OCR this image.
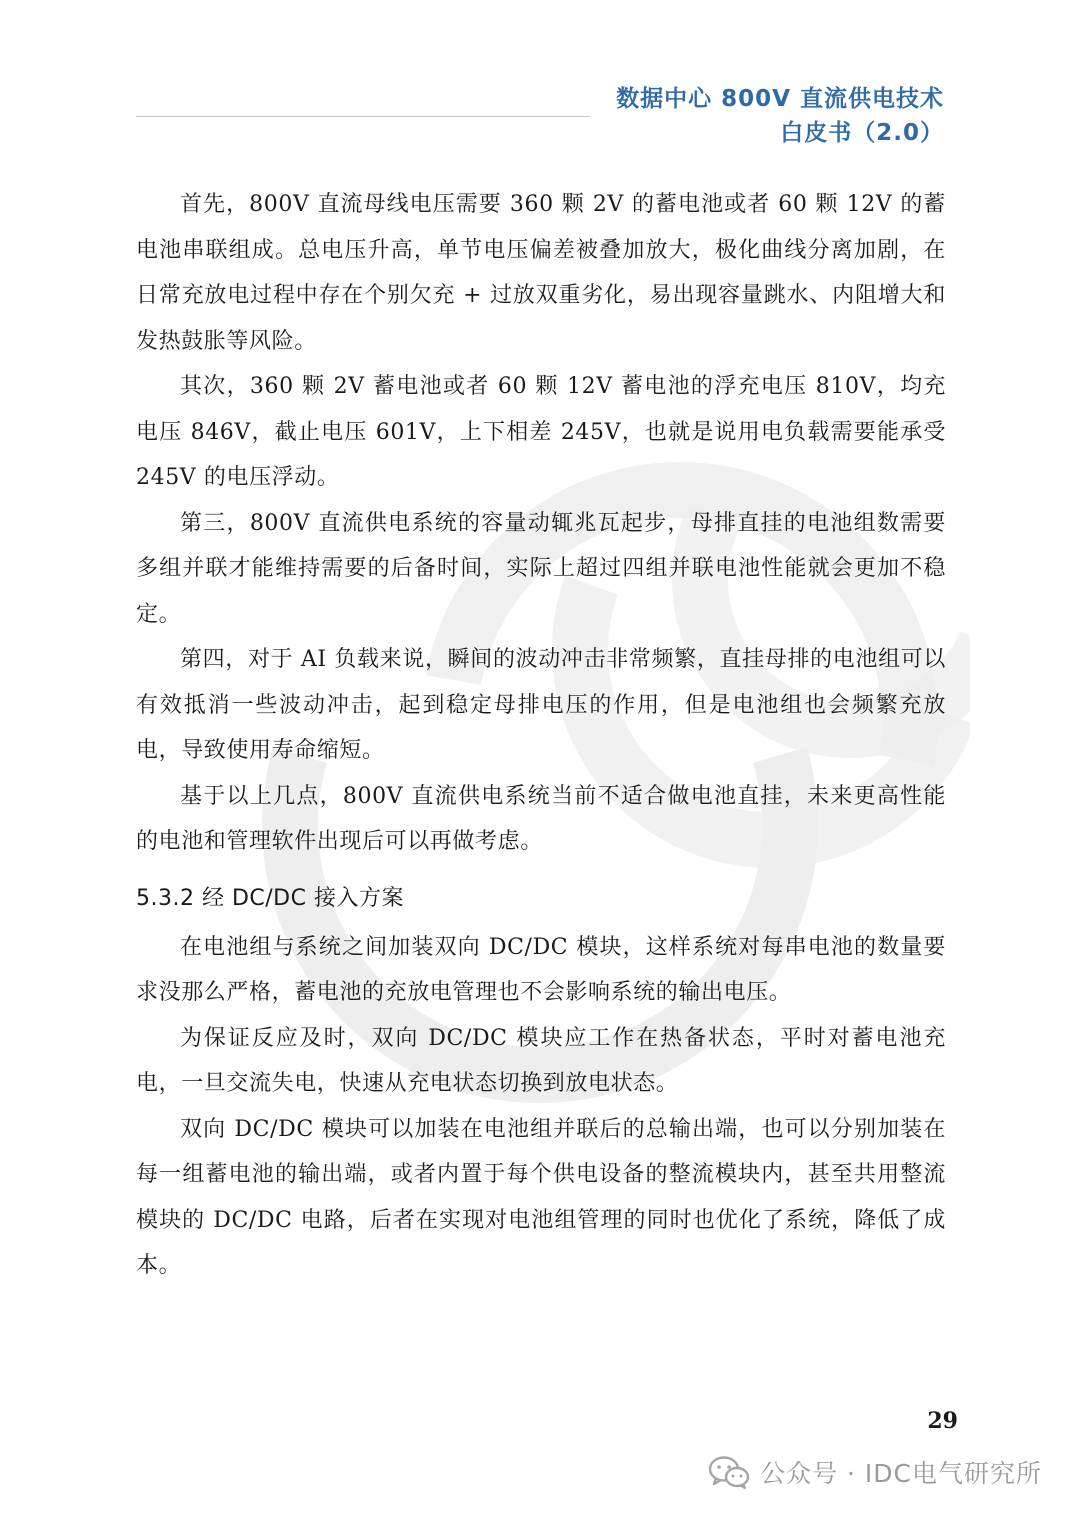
数据中心 800V 直流供电技术
白皮书（2.0）

首先，800V 直流母线电压需要 360 颗 2V 的蓄电池或者 60 颗 12V 的蓄电池串联组成。总电压升高，单节电压偏差被叠加放大，极化曲线分离加剧，在日常充放电过程中存在个别欠充 + 过放双重劣化，易出现容量跳水、内阻增大和发热鼓胀等风险。

其次，360 颗 2V 蓄电池或者 60 颗 12V 蓄电池的浮充电压 810V，均充电压 846V，截止电压 601V，上下相差 245V，也就是说用电负载需要能承受 245V 的电压浮动。

第三，800V 直流供电系统的容量动辄兆瓦起步，母排直挂的电池组数需要多组并联才能维持需要的后备时间，实际上超过四组并联电池性能就会更加不稳定。

第四，对于 AI 负载来说，瞬间的波动冲击非常频繁，直挂母排的电池组可以有效抵消一些波动冲击，起到稳定母排电压的作用，但是电池组也会频繁充放电，导致使用寿命缩短。

基于以上几点，800V 直流供电系统当前不适合做电池直挂，未来更高性能的电池和管理软件出现后可以再做考虑。

5.3.2 经 DC/DC 接入方案

在电池组与系统之间加装双向 DC/DC 模块，这样系统对每串电池的数量要求没那么严格，蓄电池的充放电管理也不会影响系统的输出电压。

为保证反应及时，双向 DC/DC 模块应工作在热备状态，平时对蓄电池充电，一旦交流失电，快速从充电状态切换到放电状态。

双向 DC/DC 模块可以加装在电池组并联后的总输出端，也可以分别加装在每一组蓄电池的输出端，或者内置于每个供电设备的整流模块内，甚至共用整流模块的 DC/DC 电路，后者在实现对电池组管理的同时也优化了系统，降低了成本。

29
公众号 · IDC电气研究所
